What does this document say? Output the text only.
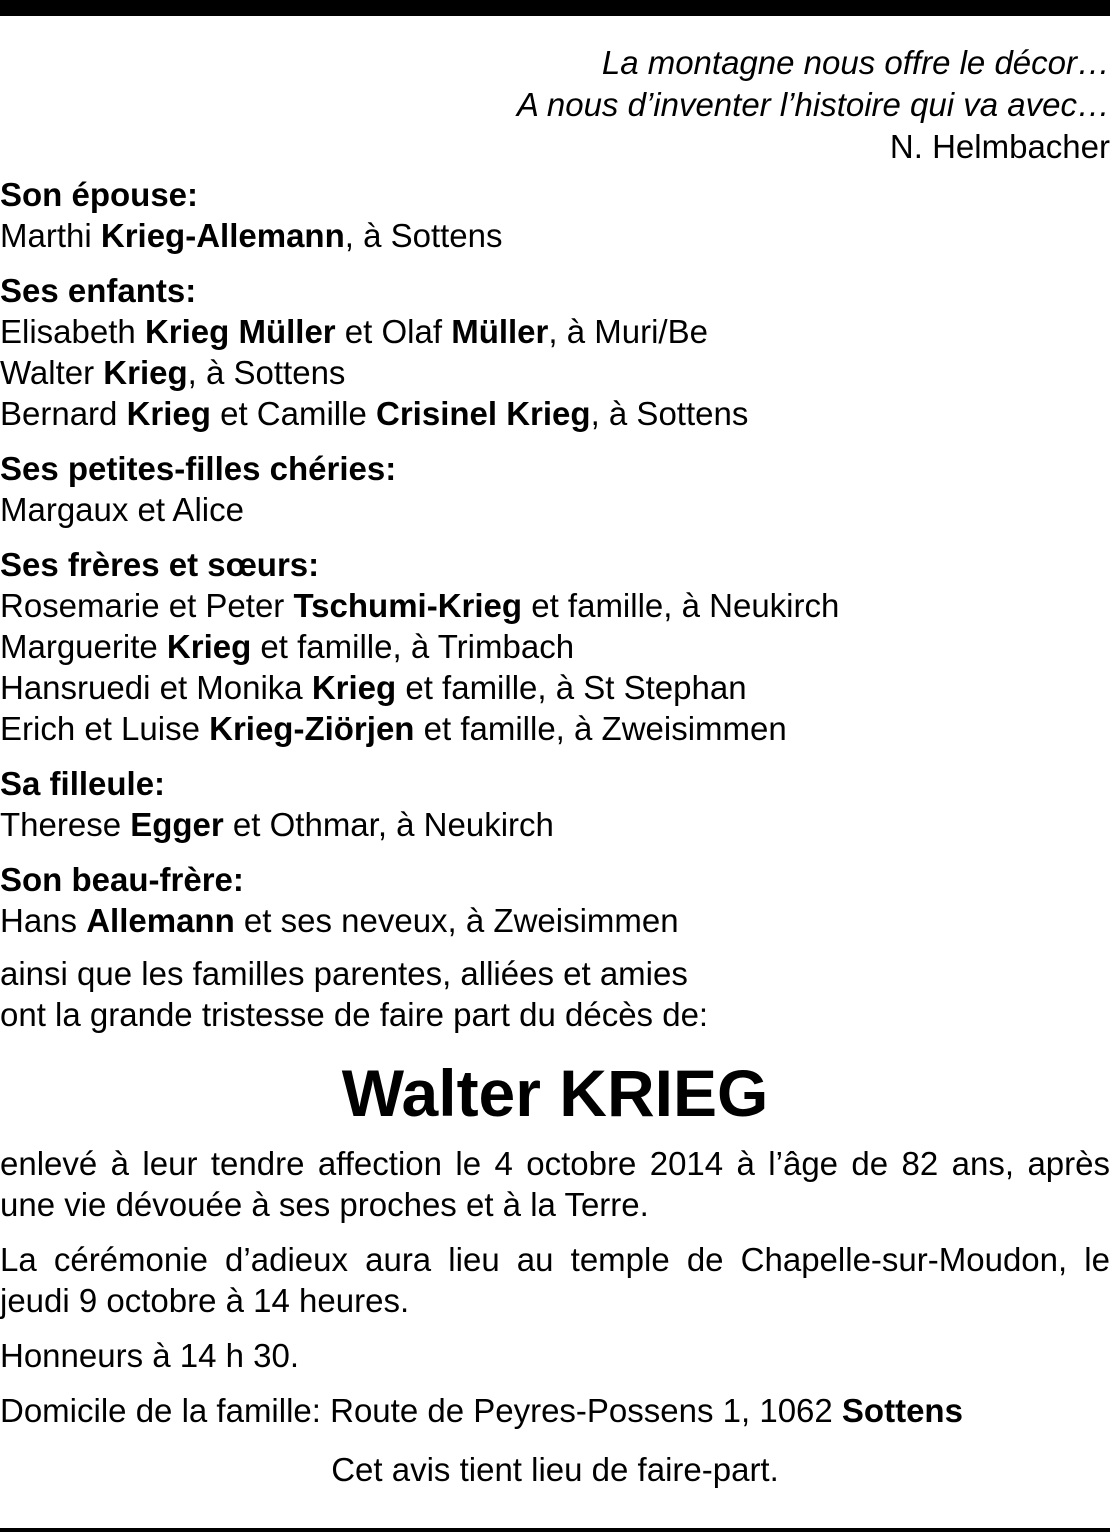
La montagne nous offre le décor…
A nous d’inventer l’histoire qui va avec…
N. Helmbacher
Son épouse:
Marthi Krieg-Allemann, à Sottens
Ses enfants:
Elisabeth Krieg Müller et Olaf Müller, à Muri/Be
Walter Krieg, à Sottens
Bernard Krieg et Camille Crisinel Krieg, à Sottens
Ses petites-filles chéries:
Margaux et Alice
Ses frères et sœurs:
Rosemarie et Peter Tschumi-Krieg et famille, à Neukirch
Marguerite Krieg et famille, à Trimbach
Hansruedi et Monika Krieg et famille, à St Stephan
Erich et Luise Krieg-Ziörjen et famille, à Zweisimmen
Sa filleule:
Therese Egger et Othmar, à Neukirch
Son beau-frère:
Hans Allemann et ses neveux, à Zweisimmen
ainsi que les familles parentes, alliées et amies
ont la grande tristesse de faire part du décès de:
Walter KRIEG
enlevé à leur tendre affection le 4 octobre 2014 à l’âge de 82 ans, après une vie dévouée à ses proches et à la Terre.
La cérémonie d’adieux aura lieu au temple de Chapelle-sur-Moudon, le jeudi 9 octobre à 14 heures.
Honneurs à 14 h 30.
Domicile de la famille: Route de Peyres-Possens 1, 1062 Sottens
Cet avis tient lieu de faire-part.
